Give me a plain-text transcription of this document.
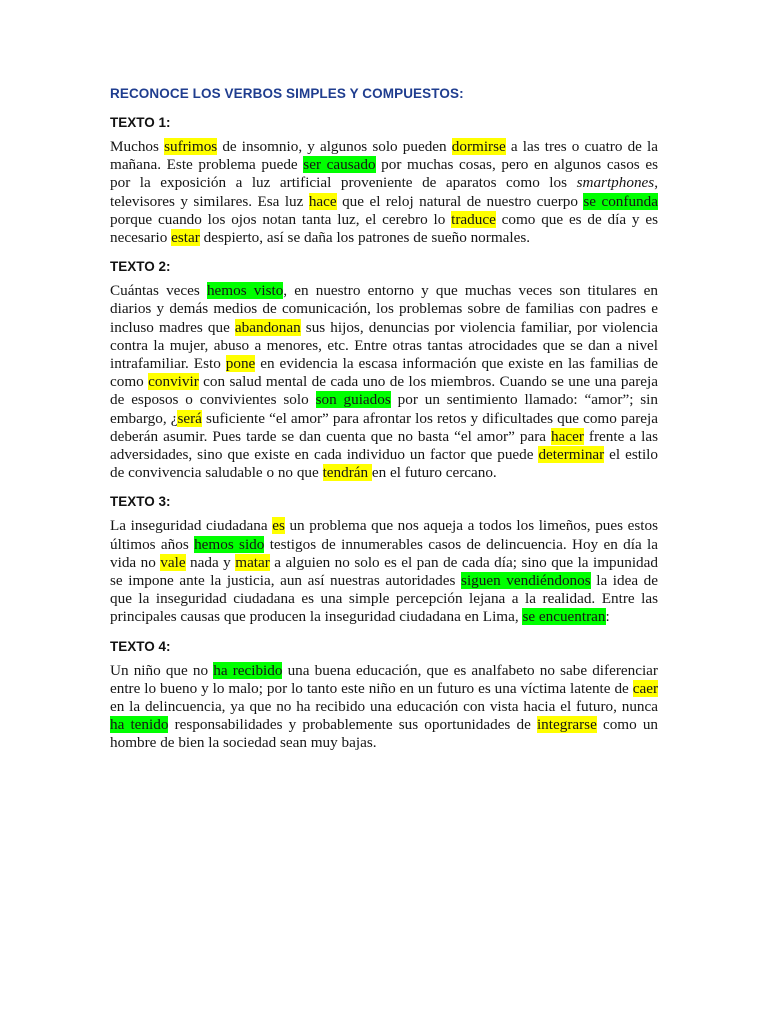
RECONOCE LOS VERBOS SIMPLES Y COMPUESTOS:
TEXTO 1:

Muchos sufrimos de insomnio, y algunos solo pueden dormirse a las tres o cuatro de la mañana. Este problema puede ser causado por muchas cosas, pero en algunos casos es por la exposición a luz artificial proveniente de aparatos como los smartphones, televisores y similares. Esa luz hace que el reloj natural de nuestro cuerpo se confunda porque cuando los ojos notan tanta luz, el cerebro lo traduce como que es de día y es necesario estar despierto, así se daña los patrones de sueño normales.

TEXTO 2:

Cuántas veces hemos visto, en nuestro entorno y que muchas veces son titulares en diarios y demás medios de comunicación, los problemas sobre de familias con padres e incluso madres que abandonan sus hijos, denuncias por violencia familiar, por violencia contra la mujer, abuso a menores, etc. Entre otras tantas atrocidades que se dan a nivel intrafamiliar. Esto pone en evidencia la escasa información que existe en las familias de como convivir con salud mental de cada uno de los miembros. Cuando se une una pareja de esposos o convivientes solo son guiados por un sentimiento llamado: “amor”; sin embargo, ¿será suficiente “el amor” para afrontar los retos y dificultades que como pareja deberán asumir. Pues tarde se dan cuenta que no basta “el amor” para hacer frente a las adversidades, sino que existe en cada individuo un factor que puede determinar el estilo de convivencia saludable o no que tendrán en el futuro cercano.

TEXTO 3:

La inseguridad ciudadana es un problema que nos aqueja a todos los limeños, pues estos últimos años hemos sido testigos de innumerables casos de delincuencia. Hoy en día la vida no vale nada y matar a alguien no solo es el pan de cada día; sino que la impunidad se impone ante la justicia, aun así nuestras autoridades siguen vendiéndonos la idea de que la inseguridad ciudadana es una simple percepción lejana a la realidad. Entre las principales causas que producen la inseguridad ciudadana en Lima, se encuentran:

TEXTO 4:

Un niño que no ha recibido una buena educación, que es analfabeto no sabe diferenciar entre lo bueno y lo malo; por lo tanto este niño en un futuro es una víctima latente de caer en la delincuencia, ya que no ha recibido una educación con vista hacia el futuro, nunca ha tenido responsabilidades y probablemente sus oportunidades de integrarse como un hombre de bien la sociedad sean muy bajas.
